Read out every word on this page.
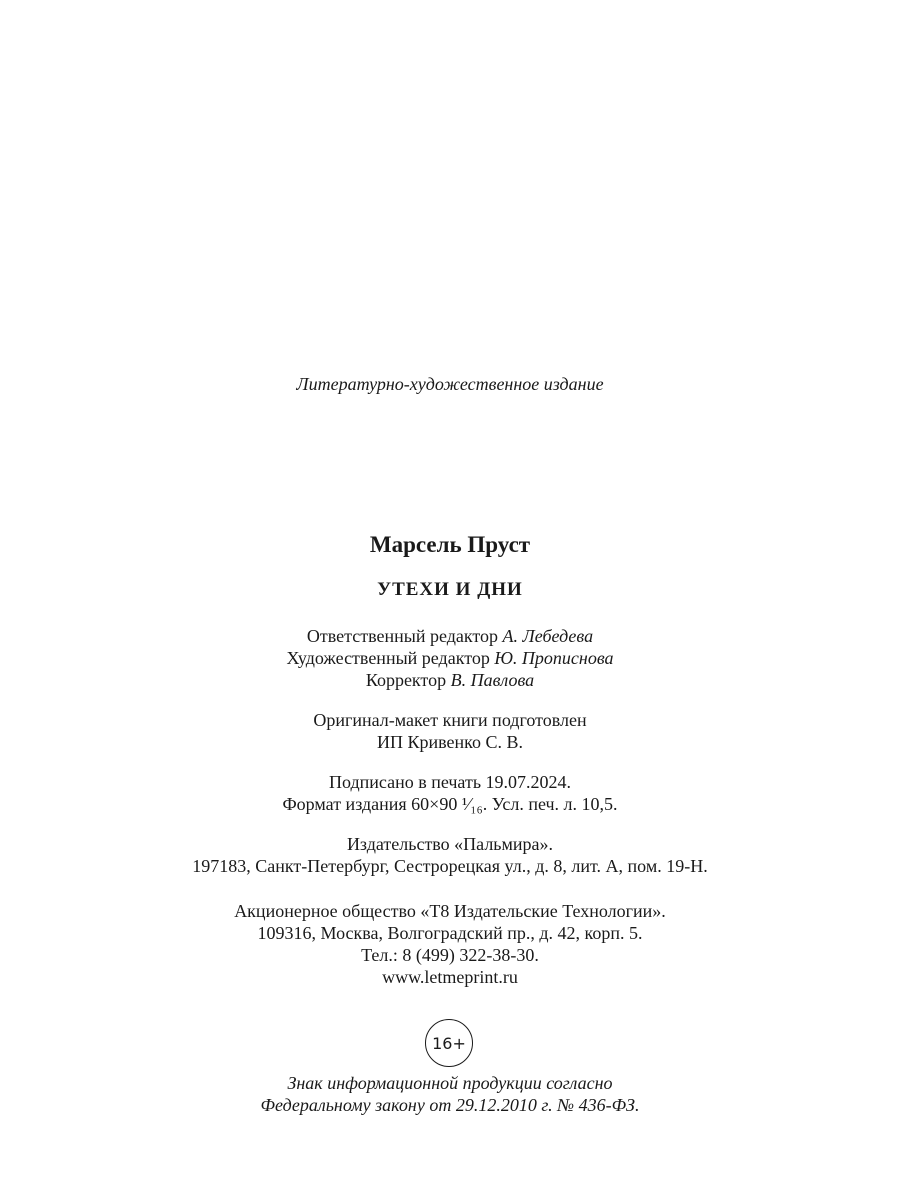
Литературно-художественное издание
Марсель Пруст
УТЕХИ И ДНИ
Ответственный редактор А. Лебедева
Художественный редактор Ю. Прописнова
Корректор В. Павлова
Оригинал-макет книги подготовлен
ИП Кривенко С. В.
Подписано в печать 19.07.2024.
Формат издания 60×90 ¹⁄₁₆. Усл. печ. л. 10,5.
Издательство «Пальмира».
197183, Санкт-Петербург, Сестрорецкая ул., д. 8, лит. А, пом. 19-Н.
Акционерное общество «Т8 Издательские Технологии».
109316, Москва, Волгоградский пр., д. 42, корп. 5.
Тел.: 8 (499) 322-38-30.
www.letmeprint.ru
16+
Знак информационной продукции согласно
Федеральному закону от 29.12.2010 г. № 436-ФЗ.
